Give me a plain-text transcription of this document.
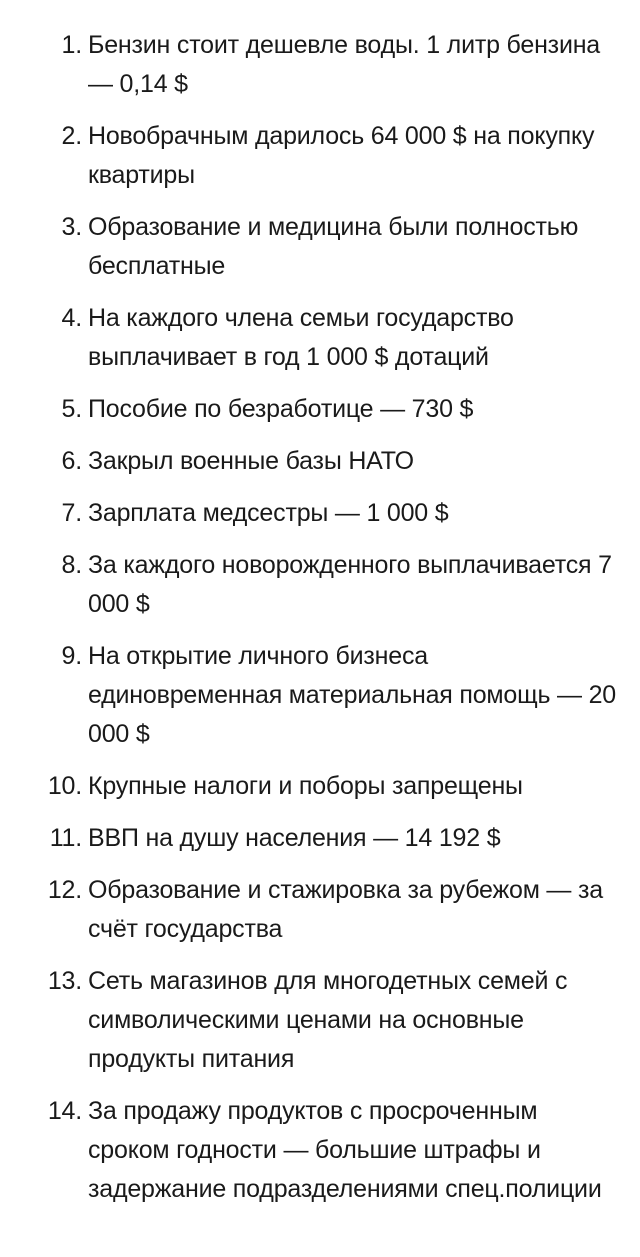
1. Бензин стоит дешевле воды. 1 литр бензина — 0,14 $
2. Новобрачным дарилось 64 000 $ на покупку квартиры
3. Образование и медицина были полностью бесплатные
4. На каждого члена семьи государство выплачивает в год 1 000 $ дотаций
5. Пособие по безработице — 730 $
6. Закрыл военные базы НАТО
7. Зарплата медсестры — 1 000 $
8. За каждого новорожденного выплачивается 7 000 $
9. На открытие личного бизнеса единовременная материальная помощь — 20 000 $
10. Крупные налоги и поборы запрещены
11. ВВП на душу населения — 14 192 $
12. Образование и стажировка за рубежом — за счёт государства
13. Сеть магазинов для многодетных семей с символическими ценами на основные продукты питания
14. За продажу продуктов с просроченным сроком годности — большие штрафы и задержание подразделениями спец.полиции
